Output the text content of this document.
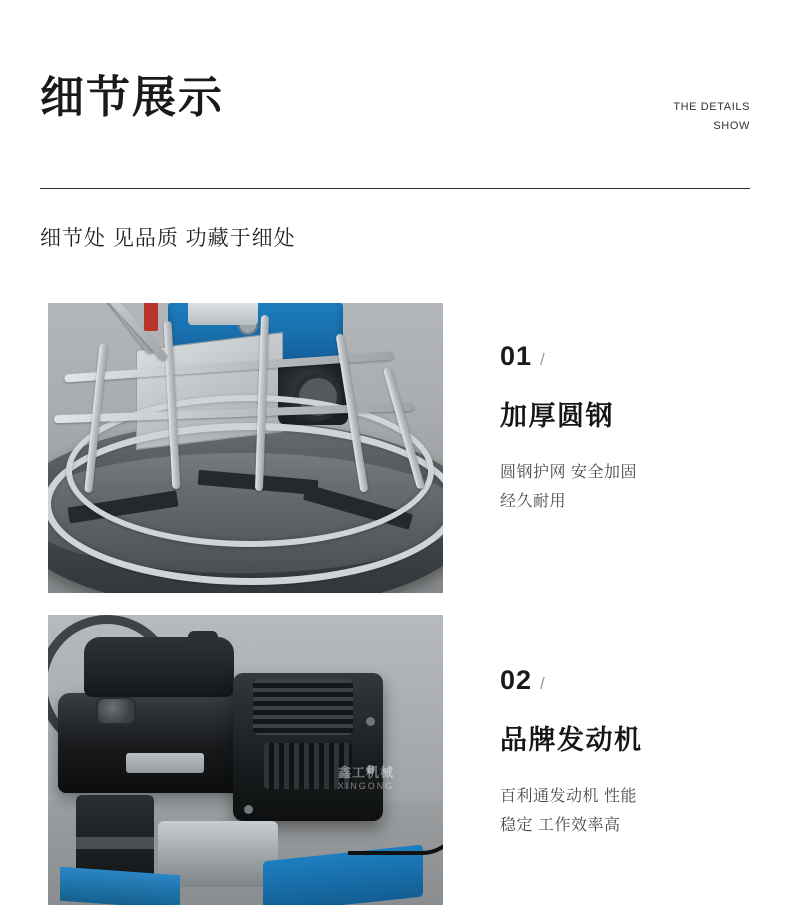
细节展示	THE DETAILS
SHOW
细节处 见品质 功藏于细处
01 /
加厚圆钢
圆钢护网 安全加固
经久耐用
鑫工机械
XINGONG
02 /
品牌发动机
百利通发动机 性能
稳定 工作效率高
